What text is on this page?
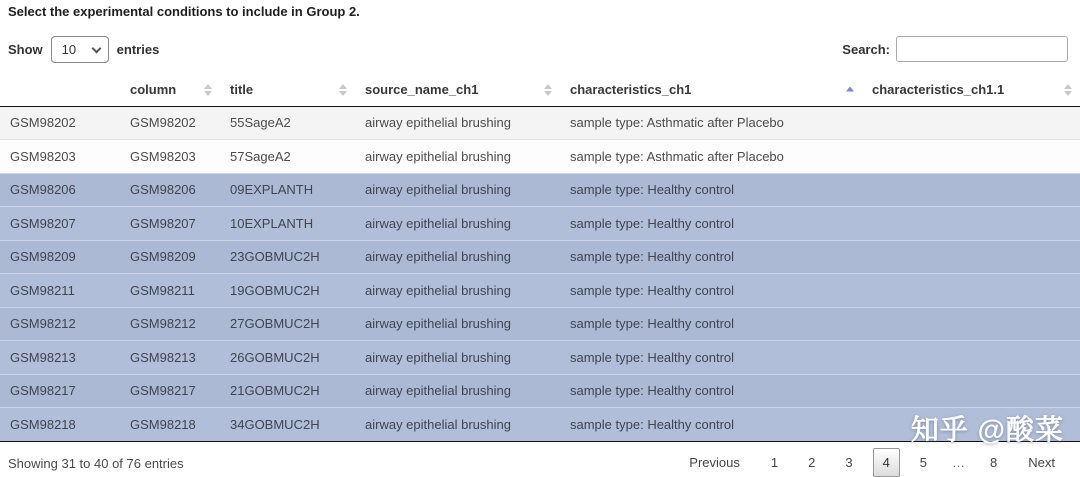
Select the experimental conditions to include in Group 2.
Show
10	entries	Search:
	column	title	source_name_ch1	characteristics_ch1	characteristics_ch1.1

GSM98202	GSM98202	55SageA2	airway epithelial brushing	sample type: Asthmatic after Placebo	
GSM98203	GSM98203	57SageA2	airway epithelial brushing	sample type: Asthmatic after Placebo	
GSM98206	GSM98206	09EXPLANTH	airway epithelial brushing	sample type: Healthy control	
GSM98207	GSM98207	10EXPLANTH	airway epithelial brushing	sample type: Healthy control	
GSM98209	GSM98209	23GOBMUC2H	airway epithelial brushing	sample type: Healthy control	
GSM98211	GSM98211	19GOBMUC2H	airway epithelial brushing	sample type: Healthy control	
GSM98212	GSM98212	27GOBMUC2H	airway epithelial brushing	sample type: Healthy control	
GSM98213	GSM98213	26GOBMUC2H	airway epithelial brushing	sample type: Healthy control	
GSM98217	GSM98217	21GOBMUC2H	airway epithelial brushing	sample type: Healthy control	
GSM98218	GSM98218	34GOBMUC2H	airway epithelial brushing	sample type: Healthy control	
Showing 31 to 40 of 76 entries	Previous	1	2	3	4	5	…	8	Next
知乎 @酸菜
